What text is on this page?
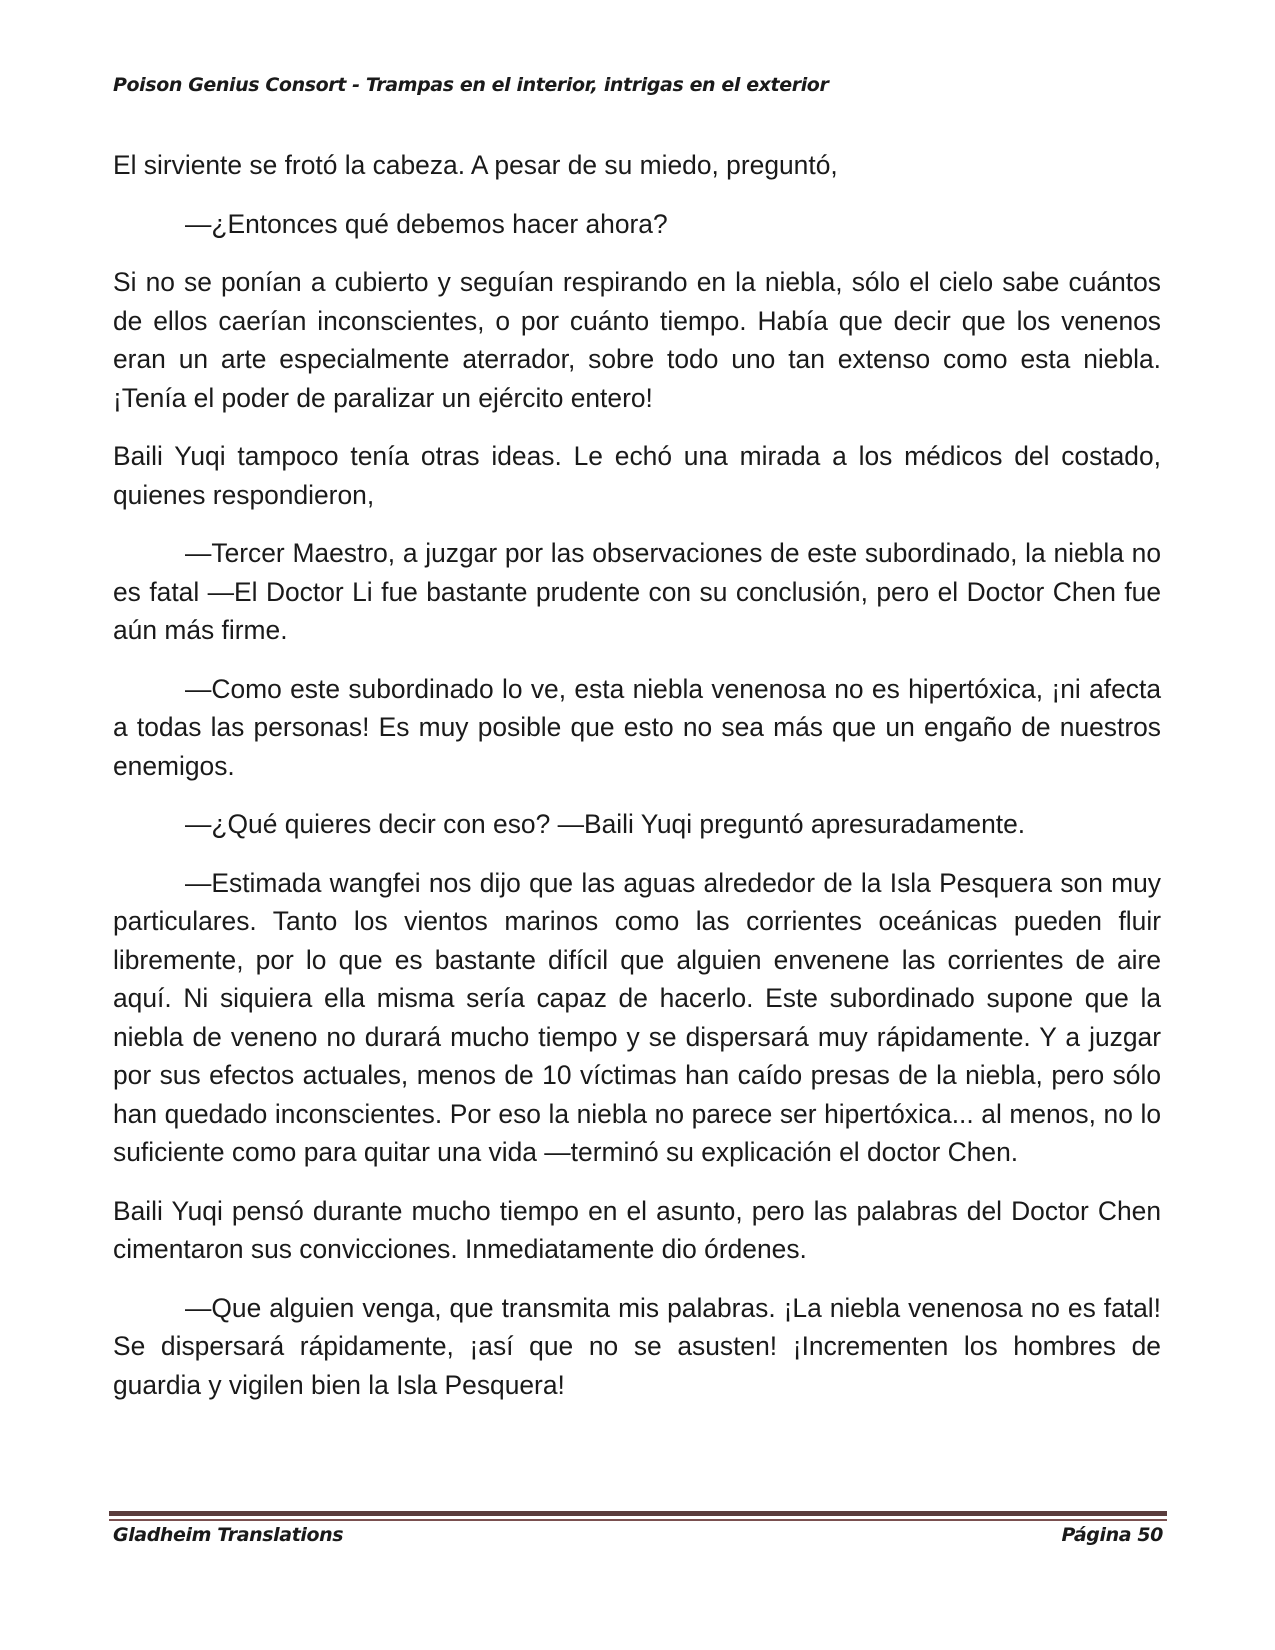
Poison Genius Consort - Trampas en el interior, intrigas en el exterior

El sirviente se frotó la cabeza. A pesar de su miedo, preguntó,

—¿Entonces qué debemos hacer ahora?

Si no se ponían a cubierto y seguían respirando en la niebla, sólo el cielo sabe cuántos de ellos caerían inconscientes, o por cuánto tiempo. Había que decir que los venenos eran un arte especialmente aterrador, sobre todo uno tan extenso como esta niebla. ¡Tenía el poder de paralizar un ejército entero!

Baili Yuqi tampoco tenía otras ideas. Le echó una mirada a los médicos del costado, quienes respondieron,

—Tercer Maestro, a juzgar por las observaciones de este subordinado, la niebla no es fatal —El Doctor Li fue bastante prudente con su conclusión, pero el Doctor Chen fue aún más firme.

—Como este subordinado lo ve, esta niebla venenosa no es hipertóxica, ¡ni afecta a todas las personas! Es muy posible que esto no sea más que un engaño de nuestros enemigos.

—¿Qué quieres decir con eso? —Baili Yuqi preguntó apresuradamente.

—Estimada wangfei nos dijo que las aguas alrededor de la Isla Pesquera son muy particulares. Tanto los vientos marinos como las corrientes oceánicas pueden fluir libremente, por lo que es bastante difícil que alguien envenene las corrientes de aire aquí. Ni siquiera ella misma sería capaz de hacerlo. Este subordinado supone que la niebla de veneno no durará mucho tiempo y se dispersará muy rápidamente. Y a juzgar por sus efectos actuales, menos de 10 víctimas han caído presas de la niebla, pero sólo han quedado inconscientes. Por eso la niebla no parece ser hipertóxica... al menos, no lo suficiente como para quitar una vida —terminó su explicación el doctor Chen.

Baili Yuqi pensó durante mucho tiempo en el asunto, pero las palabras del Doctor Chen cimentaron sus convicciones. Inmediatamente dio órdenes.

—Que alguien venga, que transmita mis palabras. ¡La niebla venenosa no es fatal! Se dispersará rápidamente, ¡así que no se asusten! ¡Incrementen los hombres de guardia y vigilen bien la Isla Pesquera!

Gladheim Translations	Página 50
